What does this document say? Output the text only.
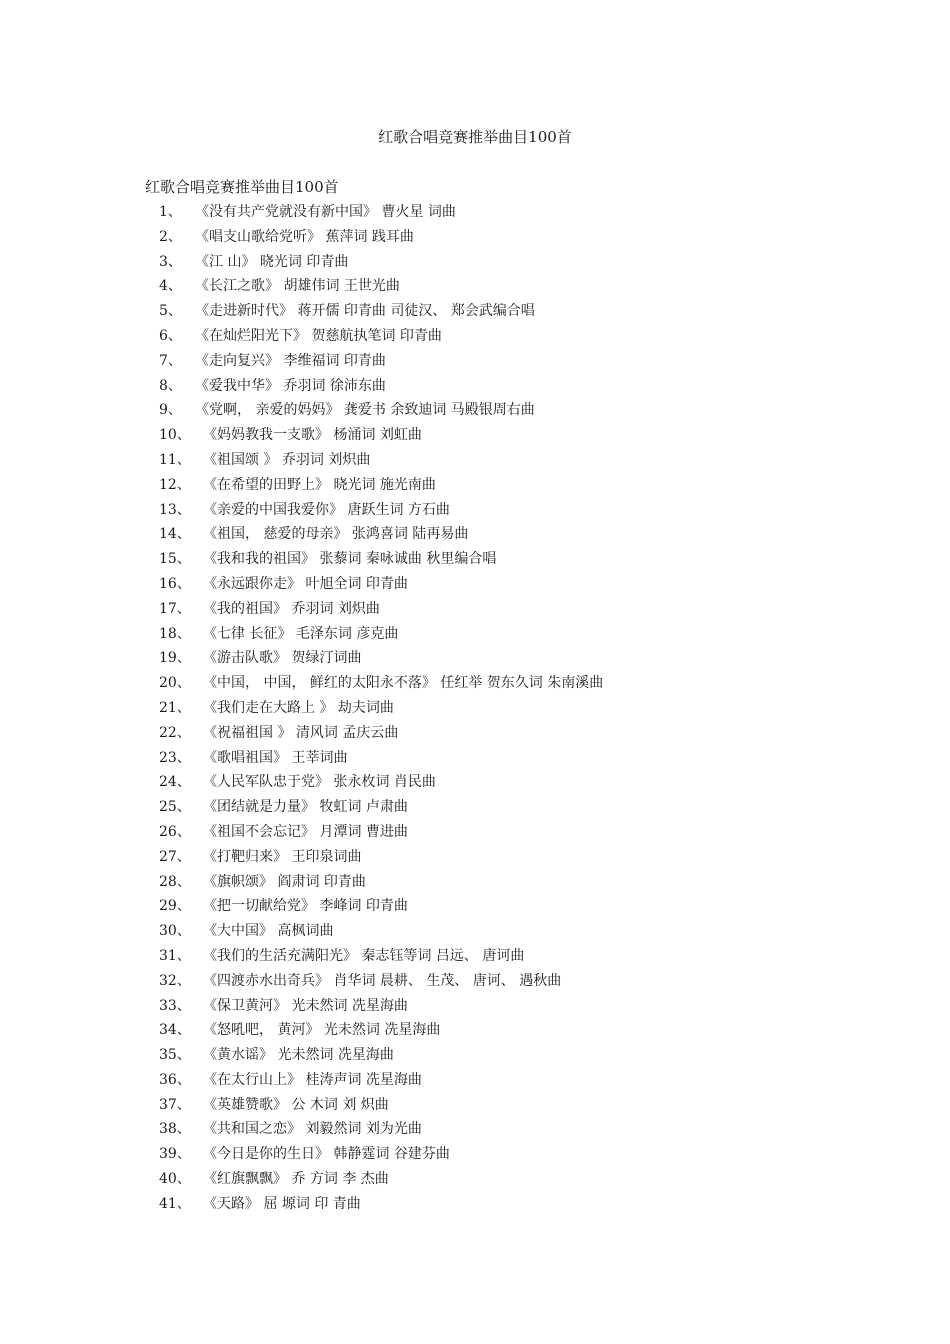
红歌合唱竞赛推举曲目100首
红歌合唱竞赛推举曲目100首
1、 《没有共产党就没有新中国》 曹火星 词曲
2、 《唱支山歌给党听》 蕉萍词 践耳曲
3、 《江 山》 晓光词 印青曲
4、 《长江之歌》 胡雄伟词 王世光曲
5、 《走进新时代》 蒋开儒 印青曲 司徒汉、 郑会武编合唱
6、 《在灿烂阳光下》 贺慈航执笔词 印青曲
7、 《走向复兴》 李维福词 印青曲
8、 《爱我中华》 乔羽词 徐沛东曲
9、 《党啊， 亲爱的妈妈》 龚爱书 余致迪词 马殿银周右曲
10、 《妈妈教我一支歌》 杨涌词 刘虹曲
11、 《祖国颂 》 乔羽词 刘炽曲
12、 《在希望的田野上》 晓光词 施光南曲
13、 《亲爱的中国我爱你》 唐跃生词 方石曲
14、 《祖国， 慈爱的母亲》 张鸿喜词 陆再易曲
15、 《我和我的祖国》 张藜词 秦咏诚曲 秋里编合唱
16、 《永远跟你走》 叶旭全词 印青曲
17、 《我的祖国》 乔羽词 刘炽曲
18、 《七律 长征》 毛泽东词 彦克曲
19、 《游击队歌》 贺绿汀词曲
20、 《中国， 中国， 鲜红的太阳永不落》 任红举 贺东久词 朱南溪曲
21、 《我们走在大路上 》 劫夫词曲
22、 《祝福祖国 》 清风词 孟庆云曲
23、 《歌唱祖国》 王莘词曲
24、 《人民军队忠于党》 张永枚词 肖民曲
25、 《团结就是力量》 牧虹词 卢肃曲
26、 《祖国不会忘记》 月潭词 曹进曲
27、 《打靶归来》 王印泉词曲
28、 《旗帜颂》 阎肃词 印青曲
29、 《把一切献给党》 李峰词 印青曲
30、 《大中国》 高枫词曲
31、 《我们的生活充满阳光》 秦志钰等词 吕远、 唐诃曲
32、 《四渡赤水出奇兵》 肖华词 晨耕、 生茂、 唐诃、 遇秋曲
33、 《保卫黄河》 光未然词 冼星海曲
34、 《怒吼吧， 黄河》 光未然词 冼星海曲
35、 《黄水谣》 光未然词 冼星海曲
36、 《在太行山上》 桂涛声词 冼星海曲
37、 《英雄赞歌》 公 木词 刘 炽曲
38、 《共和国之恋》 刘毅然词 刘为光曲
39、 《今日是你的生日》 韩静霆词 谷建芬曲
40、 《红旗飘飘》 乔 方词 李 杰曲
41、 《天路》 屈 塬词 印 青曲
